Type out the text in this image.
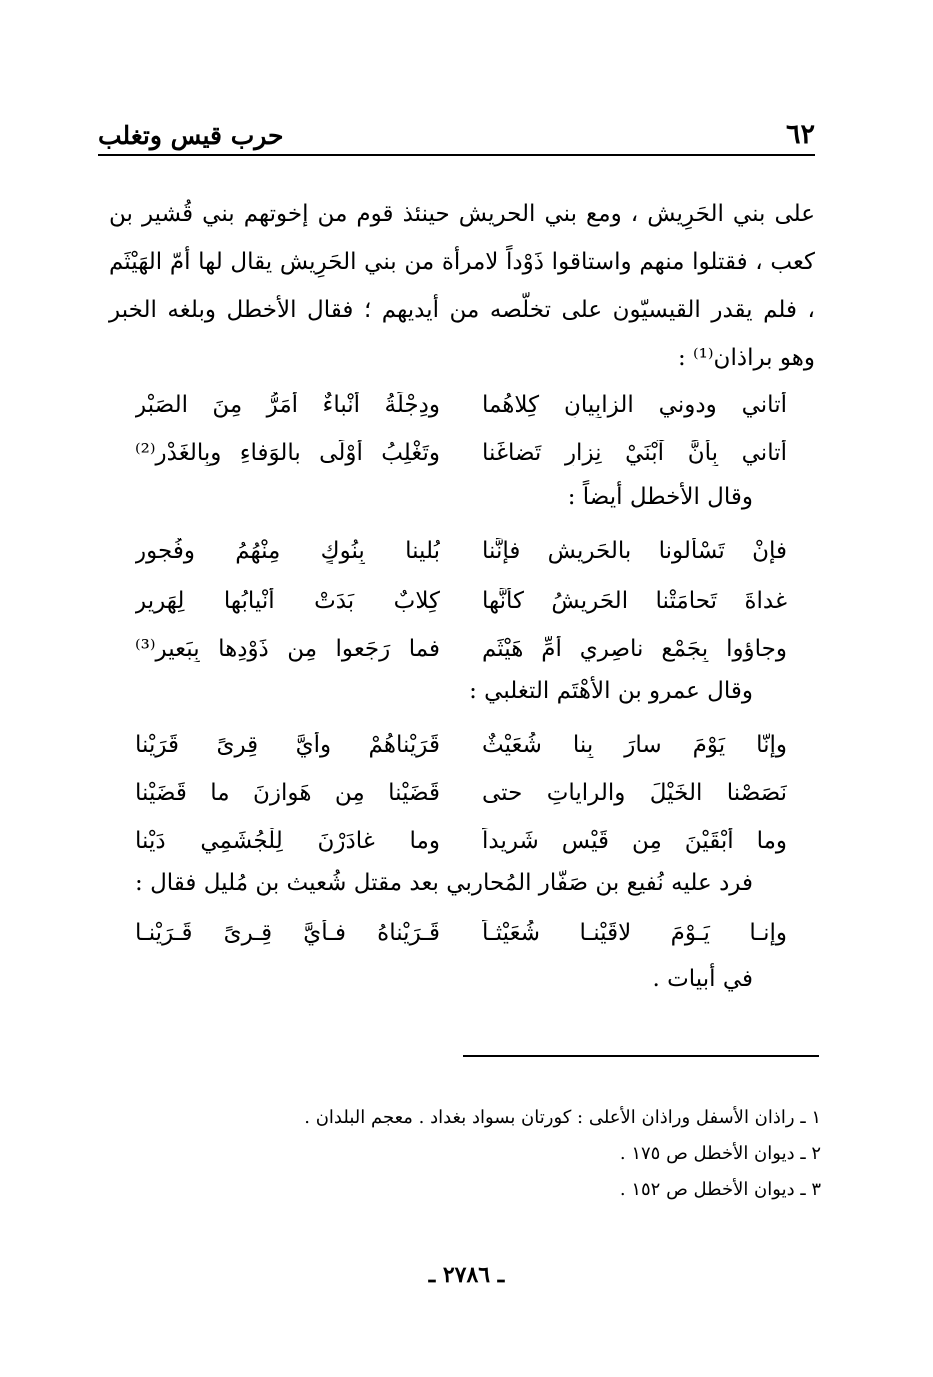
٦٢
حرب قيس وتغلب

على بني الحَرِيش ، ومع بني الحريش حينئذ قوم من إخوتهم بني قُشير بن كعب ، فقتلوا منهم واستاقوا ذَوْداً لامرأة من بني الحَرِيش يقال لها أمّ الهَيْثَم ، فلم يقدر القيسيّون على تخلّصه من أيديهم ؛ فقال الأخطل وبلغه الخبر وهو براذان⁽¹⁾ :

أتاني ودوني الزابِيانِ كِلاهُما
ودِجْلَةُ أنْباءٌ أمَرُّ مِنَ الصَبْرِ
أتاني بِأنَّ آبْنَيْ نِزارٍ تَضاغَنا
وتَغْلِبُ أوْلَى بالوَفاءِ وبِالغَدْرِ⁽²⁾
وقال الأخطل أيضاً :
فإنْ تَسْألونا بالحَريشِ فإنَّنا
بُلينا بِنُوكٍ مِنْهُمُ وفُجورِ
غداةَ تَحامَتْنا الحَريشُ كأنَّها
كِلابٌ بَدَتْ أنْيابُها لِهَريرِ
وجاؤوا بِجَمْعٍ ناصِري أمِّ هَيْثَمٍ
فما رَجَعوا مِن ذَوْدِها بِبَعيرِ⁽³⁾
وقال عمرو بن الأهْتَم التغلبي :
وإنّا يَوْمَ سارَ بِنا شُعَيْثٌ
قَرَيْناهُمْ وأيَّ قِرىً قَرَيْنا
نَصَصْنا الخَيْلَ والراياتِ حتى
قَضَيْنا مِن هَوازِنَ ما قَضَيْنا
وما أبْقَيْنَ مِن قَيْسٍ شَريداً
وما غادَرْنَ لِلْجُشَمِي دَيْنا
فرد عليه نُفيع بن صَفّار المُحاربي بعد مقتل شُعيث بن مُليل فقال :
وإنـا يَـوْمَ لاقَيْنـا شُعَيْثـاً
قَـرَيْناهُ فـأيَّ قِـرىً قَـرَيْنـا
في أبيات .
١ ـ راذان الأسفل وراذان الأعلى : كورتان بسواد بغداد . معجم البلدان .
٢ ـ ديوان الأخطل ص ١٧٥ .
٣ ـ ديوان الأخطل ص ١٥٢ .
ـ ٢٧٨٦ ـ
